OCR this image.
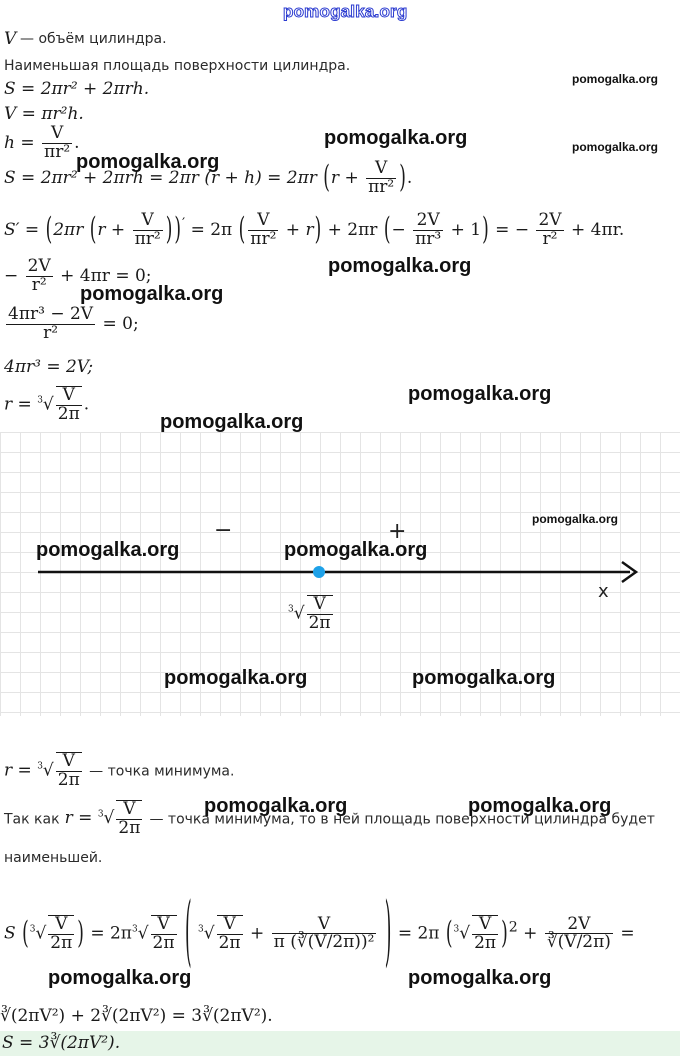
pomogalka.org
V — объём цилиндра.
Наименьшая площадь поверхности цилиндра.
S = 2πr² + 2πrh.
V = πr²h.
$h = \frac{V}{\text{πr²}}$ .
S = 2πr² + 2πrh = 2πr (r + h) = 2πr ($r + \frac{V}{\text{πr²}}$ ).
S′ = (2πr ($r + \frac{V}{\text{πr²}}$ ) )′ = 2π ( $\frac{V}{\text{πr²}} + r) + 2\pi r$ (− $\frac{2V}{\text{πr³}} + 1$) = − $\frac{2V}{\text{r²}} + 4\pi r$.
− $\frac{2V}{\text{r²}} + 4\pi r = 0$;
$\frac{\text{4πr³ − 2V}}{\text{r²}} = 0$;
4πr³ = 2V;
$r = ^3√ \frac{V}{2\pi}$ .
−	+
x
$^3√ \frac{V}{2\pi}$
$r = ^3√ \frac{V}{2\pi}$ — точка минимума.
Так как $r = ^3√ \frac{V}{2\pi}$ — точка минимума, то в ней площадь поверхности цилиндра будет
наименьшей.
S ($^3√ \frac{V}{2\pi}$ ) = $2\pi^3√ \frac{V}{2\pi}$ ( $^3√ \frac{V}{2\pi} + \frac{V}{\text{π (∛(V/2π))²}}$ ) = 2π $(^3√ \frac{V}{2\pi} )^2 + \frac{2V}{∛(V/2\pi)}$ =
∛(2πV²) + 2∛(2πV²) = 3∛(2πV²).
S = 3∛(2πV²).
pomogalka.org
pomogalka.org	pomogalka.org
pomogalka.org
pomogalka.org
pomogalka.org
pomogalka.org
pomogalka.org
pomogalka.org
pomogalka.org	pomogalka.org
pomogalka.org	pomogalka.org
pomogalka.org	pomogalka.org
pomogalka.org	pomogalka.org
